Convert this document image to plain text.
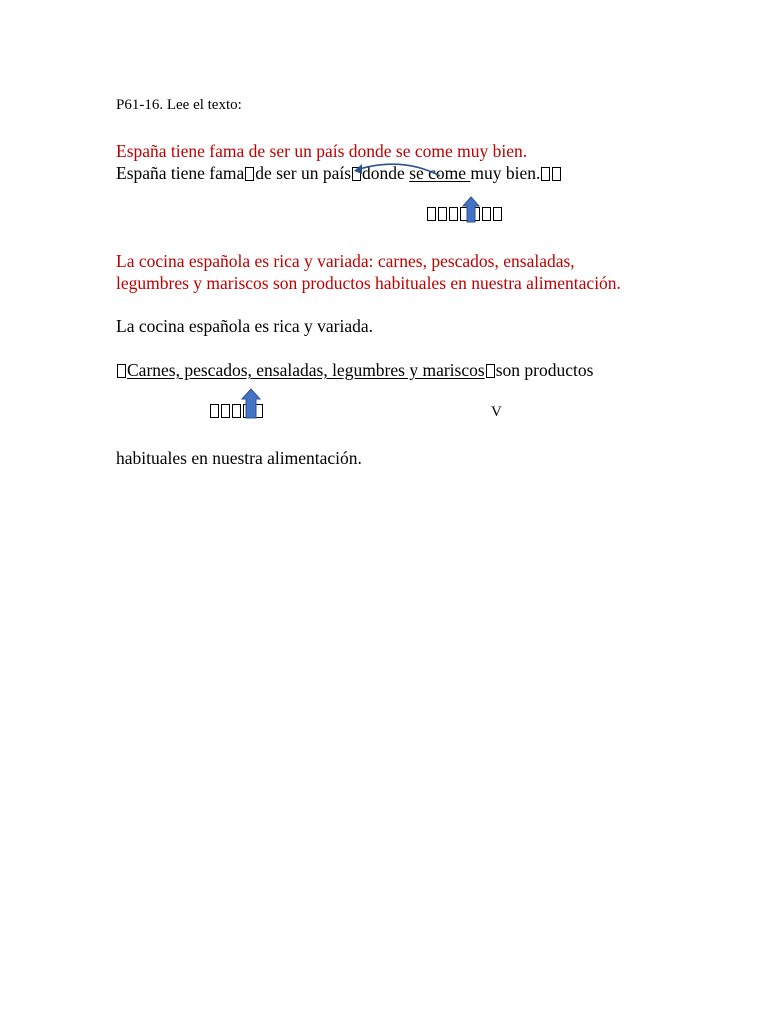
P61-16. Lee el texto:
España tiene fama de ser un país donde se come muy bien.
España tiene fama de ser un país donde se come muy bien.
La cocina española es rica y variada: carnes, pescados, ensaladas,
legumbres y mariscos son productos habituales en nuestra alimentación.
La cocina española es rica y variada.
Carnes, pescados, ensaladas, legumbres y mariscos son productos
V
habituales en nuestra alimentación.
